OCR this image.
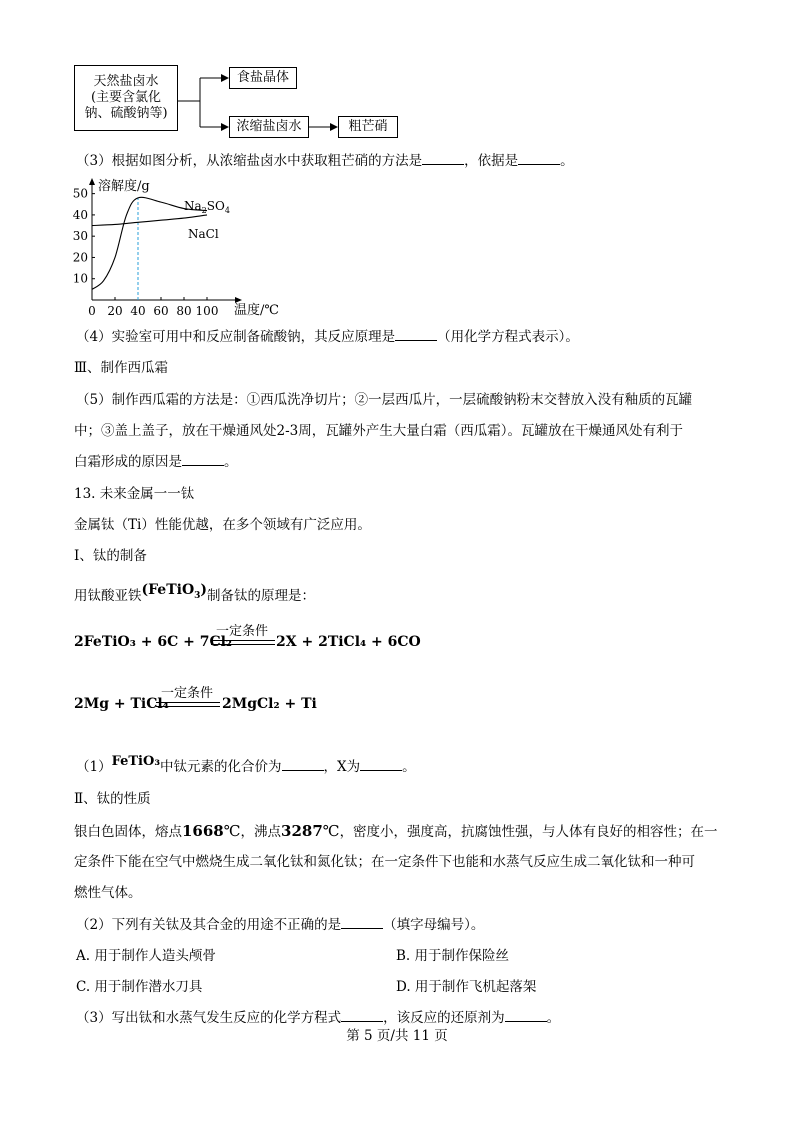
天然盐卤水
(主要含氯化
钠、硫酸钠等)
食盐晶体
浓缩盐卤水	粗芒硝
（3）根据如图分析，从浓缩盐卤水中获取粗芒硝的方法是	，依据是	。
0 20 40 60 80 100
10
20
30
40
50 溶解度/g
温度/℃
$Na_2SO_4$
NaCl
（4）实验室可用中和反应制备硫酸钠，其反应原理是	（用化学方程式表示）。
Ⅲ、制作西瓜霜
（5）制作西瓜霜的方法是：①西瓜洗净切片；②一层西瓜片，一层硫酸钠粉末交替放入没有釉质的瓦罐
中；③盖上盖子，放在干燥通风处2-3周，瓦罐外产生大量白霜（西瓜霜）。瓦罐放在干燥通风处有利于
白霜形成的原因是	。
13. 未来金属一一钛
金属钛（Ti）性能优越，在多个领域有广泛应用。
Ⅰ、钛的制备
用钛酸亚铁(FeTiO$_3$)制备钛的原理是：
2FeTiO₃ + 6C + 7Cl₂
一定条件
2X + 2TiCl₄ + 6CO
2Mg + TiCl₄
一定条件
2MgCl₂ + Ti
（1）FeTiO₃中钛元素的化合价为	，X为	。
Ⅱ、钛的性质
银白色固体，熔点1668℃，沸点3287℃，密度小，强度高，抗腐蚀性强，与人体有良好的相容性；在一
定条件下能在空气中燃烧生成二氧化钛和氮化钛；在一定条件下也能和水蒸气反应生成二氧化钛和一种可
燃性气体。
（2）下列有关钛及其合金的用途不正确的是	（填字母编号）。
A. 用于制作人造头颅骨	B. 用于制作保险丝
C. 用于制作潜水刀具	D. 用于制作飞机起落架
（3）写出钛和水蒸气发生反应的化学方程式	，该反应的还原剂为	。
第 5 页/共 11 页
